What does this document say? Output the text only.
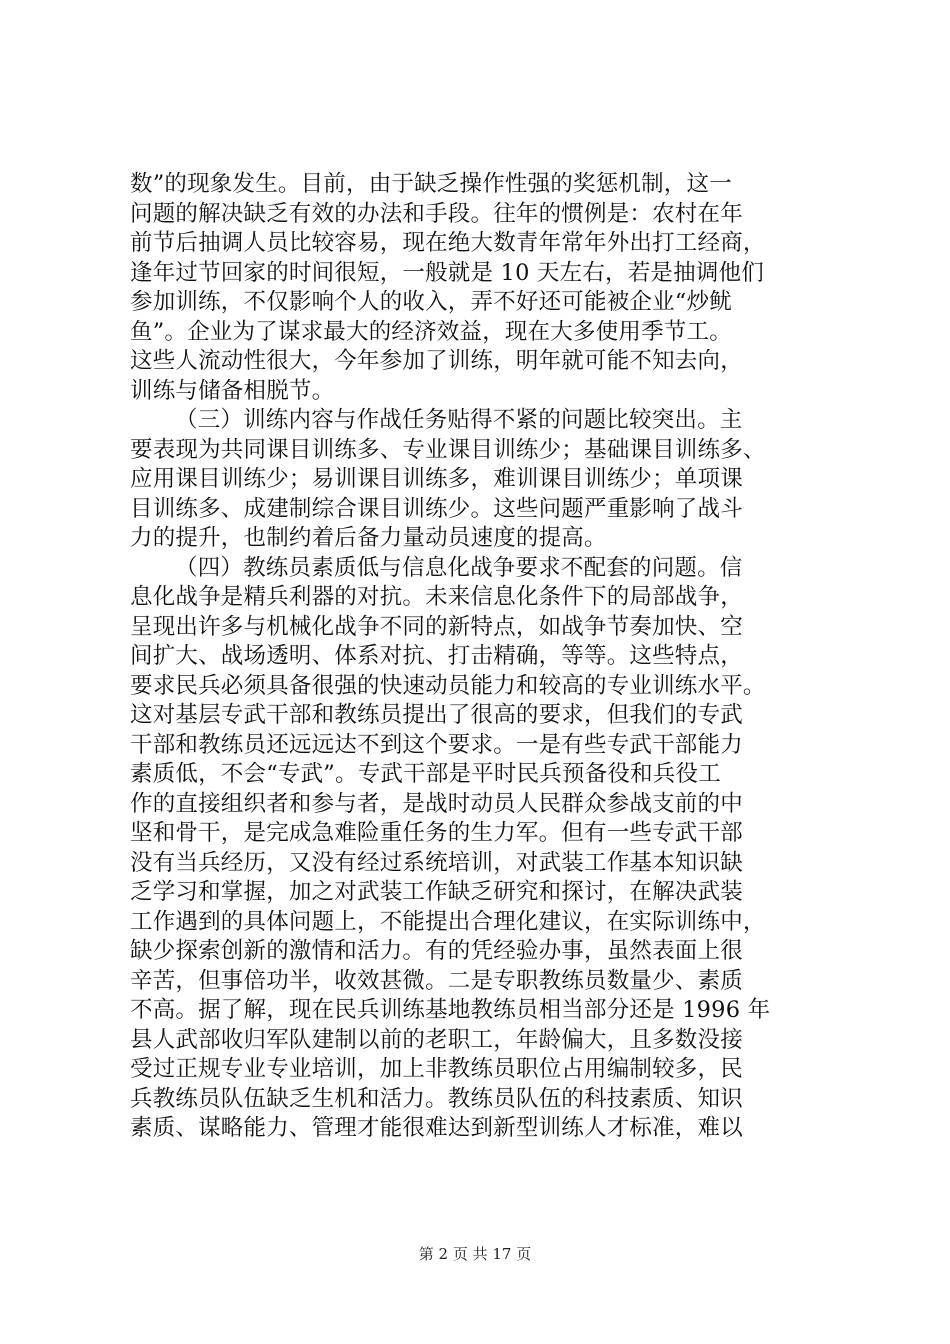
数”的现象发生。目前，由于缺乏操作性强的奖惩机制，这一
问题的解决缺乏有效的办法和手段。往年的惯例是：农村在年
前节后抽调人员比较容易，现在绝大数青年常年外出打工经商，
逢年过节回家的时间很短，一般就是 10 天左右，若是抽调他们
参加训练，不仅影响个人的收入，弄不好还可能被企业“炒鱿
鱼”。企业为了谋求最大的经济效益，现在大多使用季节工。
这些人流动性很大，今年参加了训练，明年就可能不知去向，
训练与储备相脱节。
（三）训练内容与作战任务贴得不紧的问题比较突出。主
要表现为共同课目训练多、专业课目训练少；基础课目训练多、
应用课目训练少；易训课目训练多，难训课目训练少；单项课
目训练多、成建制综合课目训练少。这些问题严重影响了战斗
力的提升，也制约着后备力量动员速度的提高。
（四）教练员素质低与信息化战争要求不配套的问题。信
息化战争是精兵利器的对抗。未来信息化条件下的局部战争，
呈现出许多与机械化战争不同的新特点，如战争节奏加快、空
间扩大、战场透明、体系对抗、打击精确，等等。这些特点，
要求民兵必须具备很强的快速动员能力和较高的专业训练水平。
这对基层专武干部和教练员提出了很高的要求，但我们的专武
干部和教练员还远远达不到这个要求。一是有些专武干部能力
素质低，不会“专武”。专武干部是平时民兵预备役和兵役工
作的直接组织者和参与者，是战时动员人民群众参战支前的中
坚和骨干，是完成急难险重任务的生力军。但有一些专武干部
没有当兵经历，又没有经过系统培训，对武装工作基本知识缺
乏学习和掌握，加之对武装工作缺乏研究和探讨，在解决武装
工作遇到的具体问题上，不能提出合理化建议，在实际训练中，
缺少探索创新的激情和活力。有的凭经验办事，虽然表面上很
辛苦，但事倍功半，收效甚微。二是专职教练员数量少、素质
不高。据了解，现在民兵训练基地教练员相当部分还是 1996 年
县人武部收归军队建制以前的老职工，年龄偏大，且多数没接
受过正规专业专业培训，加上非教练员职位占用编制较多，民
兵教练员队伍缺乏生机和活力。教练员队伍的科技素质、知识
素质、谋略能力、管理才能很难达到新型训练人才标准，难以
第 2 页 共 17 页
